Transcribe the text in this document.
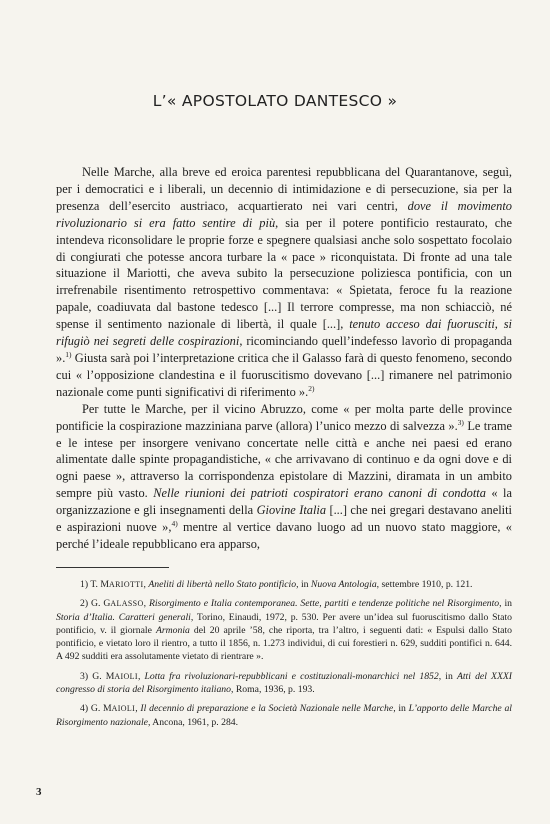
L’« APOSTOLATO DANTESCO »

Nelle Marche, alla breve ed eroica parentesi repubblicana del Quarantanove, seguì, per i democratici e i liberali, un decennio di intimidazione e di persecuzione, sia per la presenza dell’esercito austriaco, acquartierato nei vari centri, dove il movimento rivoluzionario si era fatto sentire di più, sia per il potere pontificio restaurato, che intendeva riconsolidare le proprie forze e spegnere qualsiasi anche solo sospettato focolaio di congiurati che potesse ancora turbare la « pace » riconquistata. Di fronte ad una tale situazione il Mariotti, che aveva subito la persecuzione poliziesca pontificia, con un irrefrenabile risentimento retrospettivo commentava: « Spietata, feroce fu la reazione papale, coadiuvata dal bastone tedesco [...] Il terrore compresse, ma non schiacciò, né spense il sentimento nazionale di libertà, il quale [...], tenuto acceso dai fuorusciti, si rifugiò nei segreti delle cospirazioni, ricominciando quell’indefesso lavorìo di propaganda ».$^{1)}$ Giusta sarà poi l’interpretazione critica che il Galasso farà di questo fenomeno, secondo cui « l’opposizione clandestina e il fuoruscitismo dovevano [...] rimanere nel patrimonio nazionale come punti significativi di riferimento ».$^{2)}$

Per tutte le Marche, per il vicino Abruzzo, come « per molta parte delle province pontificie la cospirazione mazziniana parve (allora) l’unico mezzo di salvezza ».$^{3)}$ Le trame e le intese per insorgere venivano concertate nelle città e anche nei paesi ed erano alimentate dalle spinte propagandistiche, « che arrivavano di continuo e da ogni dove e di ogni paese », attraverso la corrispondenza epistolare di Mazzini, diramata in un ambito sempre più vasto. Nelle riunioni dei patrioti cospiratori erano canoni di condotta « la organizzazione e gli insegnamenti della Giovine Italia [...] che nei gregari destavano aneliti e aspirazioni nuove »,$^{4)}$ mentre al vertice davano luogo ad un nuovo stato maggiore, « perché l’ideale repubblicano era apparso,

1) T. MARIOTTI, Aneliti di libertà nello Stato pontificio, in Nuova Antologia, settembre 1910, p. 121.

2) G. GALASSO, Risorgimento e Italia contemporanea. Sette, partiti e tendenze politiche nel Risorgimento, in Storia d’Italia. Caratteri generali, Torino, Einaudi, 1972, p. 530. Per avere un’idea sul fuoruscitismo dallo Stato pontificio, v. il giornale Armonia del 20 aprile ’58, che riporta, tra l’altro, i seguenti dati: « Espulsi dallo Stato pontificio, e vietato loro il rientro, a tutto il 1856, n. 1.273 individui, di cui forestieri n. 629, sudditi pontifici n. 644. A 492 sudditi era assolutamente vietato di rientrare ».

3) G. MAIOLI, Lotta fra rivoluzionari-repubblicani e costituzionali-monarchici nel 1852, in Atti del XXXI congresso di storia del Risorgimento italiano, Roma, 1936, p. 193.

4) G. MAIOLI, Il decennio di preparazione e la Società Nazionale nelle Marche, in L’apporto delle Marche al Risorgimento nazionale, Ancona, 1961, p. 284.

3
